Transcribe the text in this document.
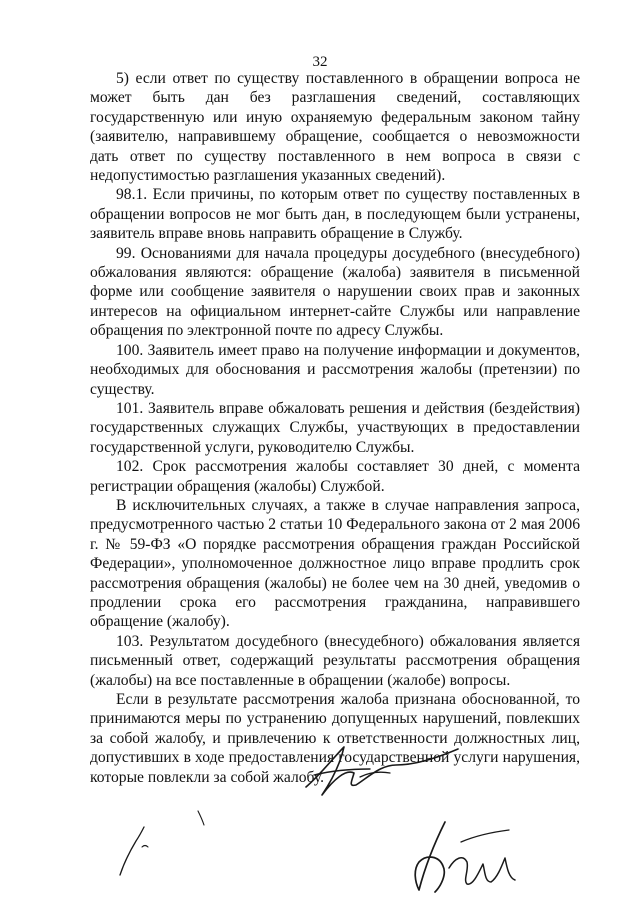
32

5) если ответ по существу поставленного в обращении вопроса не может быть дан без разглашения сведений, составляющих государственную или иную охраняемую федеральным законом тайну (заявителю, направившему обращение, сообщается о невозможности дать ответ по существу поставленного в нем вопроса в связи с недопустимостью разглашения указанных сведений).

98.1. Если причины, по которым ответ по существу поставленных в обращении вопросов не мог быть дан, в последующем были устранены, заявитель вправе вновь направить обращение в Службу.

99. Основаниями для начала процедуры досудебного (внесудебного) обжалования являются: обращение (жалоба) заявителя в письменной форме или сообщение заявителя о нарушении своих прав и законных интересов на официальном интернет-сайте Службы или направление обращения по электронной почте по адресу Службы.

100. Заявитель имеет право на получение информации и документов, необходимых для обоснования и рассмотрения жалобы (претензии) по существу.

101. Заявитель вправе обжаловать решения и действия (бездействия) государственных служащих Службы, участвующих в предоставлении государственной услуги, руководителю Службы.

102. Срок рассмотрения жалобы составляет 30 дней, с момента регистрации обращения (жалобы) Службой.

В исключительных случаях, а также в случае направления запроса, предусмотренного частью 2 статьи 10 Федерального закона от 2 мая 2006 г. № 59-ФЗ «О порядке рассмотрения обращения граждан Российской Федерации», уполномоченное должностное лицо вправе продлить срок рассмотрения обращения (жалобы) не более чем на 30 дней, уведомив о продлении срока его рассмотрения гражданина, направившего обращение (жалобу).

103. Результатом досудебного (внесудебного) обжалования является письменный ответ, содержащий результаты рассмотрения обращения (жалобы) на все поставленные в обращении (жалобе) вопросы.

Если в результате рассмотрения жалоба признана обоснованной, то принимаются меры по устранению допущенных нарушений, повлекших за собой жалобу, и привлечению к ответственности должностных лиц, допустивших в ходе предоставления государственной услуги нарушения, которые повлекли за собой жалобу.
